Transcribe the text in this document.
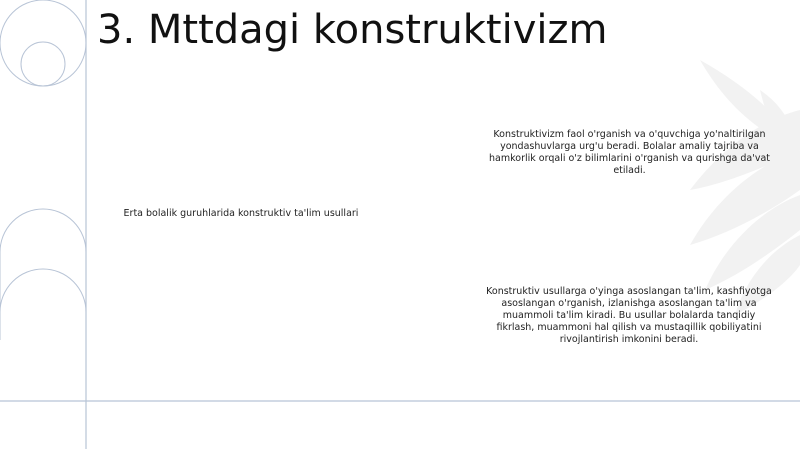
3. Mttdagi konstruktivizm
Erta bolalik guruhlarida konstruktiv ta'lim usullari
Konstruktivizm faol o'rganish va o'quvchiga yo'naltirilgan yondashuvlarga urg'u beradi. Bolalar amaliy tajriba va hamkorlik orqali o'z bilimlarini o'rganish va qurishga da'vat etiladi.
Konstruktiv usullarga o'yinga asoslangan ta'lim, kashfiyotga asoslangan o'rganish, izlanishga asoslangan ta'lim va muammoli ta'lim kiradi. Bu usullar bolalarda tanqidiy fikrlash, muammoni hal qilish va mustaqillik qobiliyatini rivojlantirish imkonini beradi.
